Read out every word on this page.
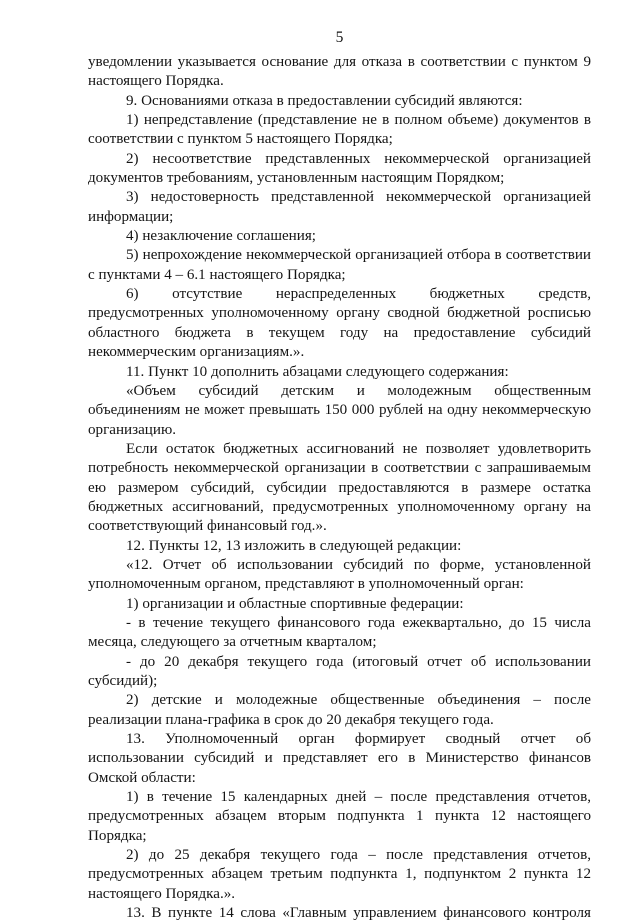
5

уведомлении указывается основание для отказа в соответствии с пунктом 9 настоящего Порядка.

9. Основаниями отказа в предоставлении субсидий являются:

1) непредставление (представление не в полном объеме) документов в соответствии с пунктом 5 настоящего Порядка;

2) несоответствие представленных некоммерческой организацией документов требованиям, установленным настоящим Порядком;

3) недостоверность представленной некоммерческой организацией информации;

4) незаключение соглашения;

5) непрохождение некоммерческой организацией отбора в соответствии с пунктами 4 – 6.1 настоящего Порядка;

6) отсутствие нераспределенных бюджетных средств, предусмотренных уполномоченному органу сводной бюджетной росписью областного бюджета в текущем году на предоставление субсидий некоммерческим организациям.».

11. Пункт 10 дополнить абзацами следующего содержания:

«Объем субсидий детским и молодежным общественным объединениям не может превышать 150 000 рублей на одну некоммерческую организацию.

Если остаток бюджетных ассигнований не позволяет удовлетворить потребность некоммерческой организации в соответствии с запрашиваемым ею размером субсидий, субсидии предоставляются в размере остатка бюджетных ассигнований, предусмотренных уполномоченному органу на соответствующий финансовый год.».

12. Пункты 12, 13 изложить в следующей редакции:

«12. Отчет об использовании субсидий по форме, установленной уполномоченным органом, представляют в уполномоченный орган:

1) организации и областные спортивные федерации:

- в течение текущего финансового года ежеквартально, до 15 числа месяца, следующего за отчетным кварталом;

- до 20 декабря текущего года (итоговый отчет об использовании субсидий);

2) детские и молодежные общественные объединения – после реализации плана-графика в срок до 20 декабря текущего года.

13. Уполномоченный орган формирует сводный отчет об использовании субсидий и представляет его в Министерство финансов Омской области:

1) в течение 15 календарных дней – после представления отчетов, предусмотренных абзацем вторым подпункта 1 пункта 12 настоящего Порядка;

2) до 25 декабря текущего года – после представления отчетов, предусмотренных абзацем третьим подпункта 1, подпунктом 2 пункта 12 настоящего Порядка.».

13. В пункте 14 слова «Главным управлением финансового контроля
